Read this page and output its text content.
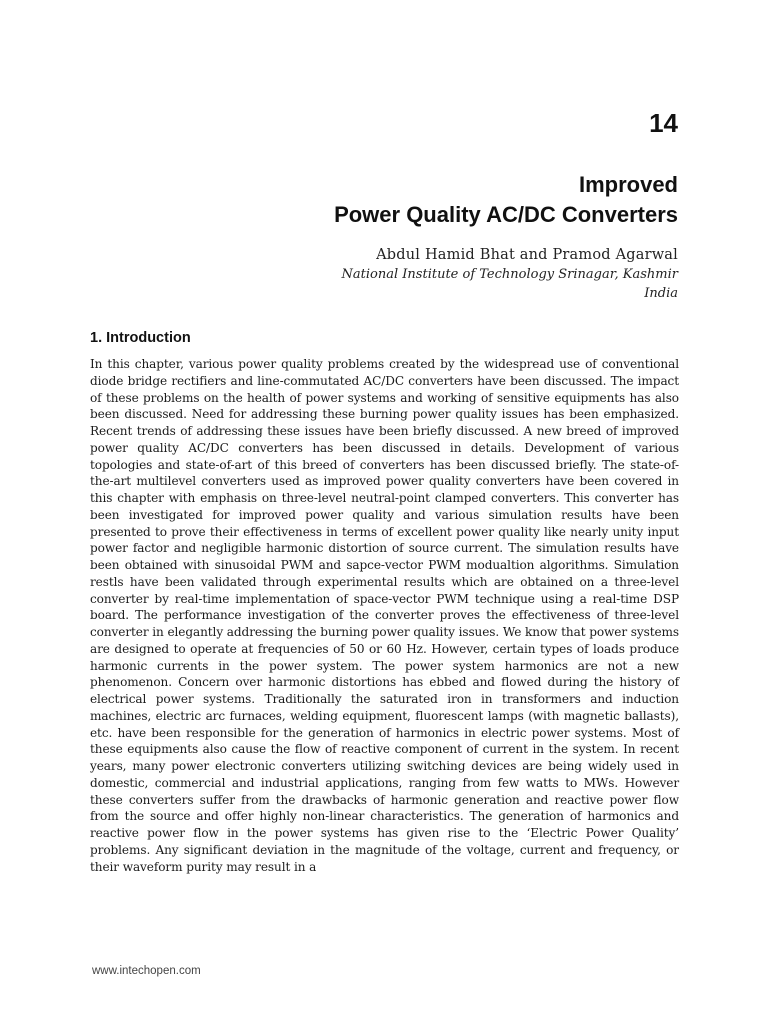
14
Improved
Power Quality AC/DC Converters
Abdul Hamid Bhat and Pramod Agarwal
National Institute of Technology Srinagar, Kashmir
India
1. Introduction

In this chapter, various power quality problems created by the widespread use of conventional diode bridge rectifiers and line-commutated AC/DC converters have been discussed. The impact of these problems on the health of power systems and working of sensitive equipments has also been discussed. Need for addressing these burning power quality issues has been emphasized. Recent trends of addressing these issues have been briefly discussed. A new breed of improved power quality AC/DC converters has been discussed in details. Development of various topologies and state-of-art of this breed of converters has been discussed briefly. The state-of-the-art multilevel converters used as improved power quality converters have been covered in this chapter with emphasis on three-level neutral-point clamped converters. This converter has been investigated for improved power quality and various simulation results have been presented to prove their effectiveness in terms of excellent power quality like nearly unity input power factor and negligible harmonic distortion of source current. The simulation results have been obtained with sinusoidal PWM and sapce-vector PWM modualtion algorithms. Simulation restls have been validated through experimental results which are obtained on a three-level converter by real-time implementation of space-vector PWM technique using a real-time DSP board. The performance investigation of the converter proves the effectiveness of three-level converter in elegantly addressing the burning power quality issues. We know that power systems are designed to operate at frequencies of 50 or 60 Hz. However, certain types of loads produce harmonic currents in the power system. The power system harmonics are not a new phenomenon. Concern over harmonic distortions has ebbed and flowed during the history of electrical power systems. Traditionally the saturated iron in transformers and induction machines, electric arc furnaces, welding equipment, fluorescent lamps (with magnetic ballasts), etc. have been responsible for the generation of harmonics in electric power systems. Most of these equipments also cause the flow of reactive component of current in the system. In recent years, many power electronic converters utilizing switching devices are being widely used in domestic, commercial and industrial applications, ranging from few watts to MWs. However these converters suffer from the drawbacks of harmonic generation and reactive power flow from the source and offer highly non-linear characteristics. The generation of harmonics and reactive power flow in the power systems has given rise to the ‘Electric Power Quality’ problems. Any significant deviation in the magnitude of the voltage, current and frequency, or their waveform purity may result in a

www.intechopen.com
